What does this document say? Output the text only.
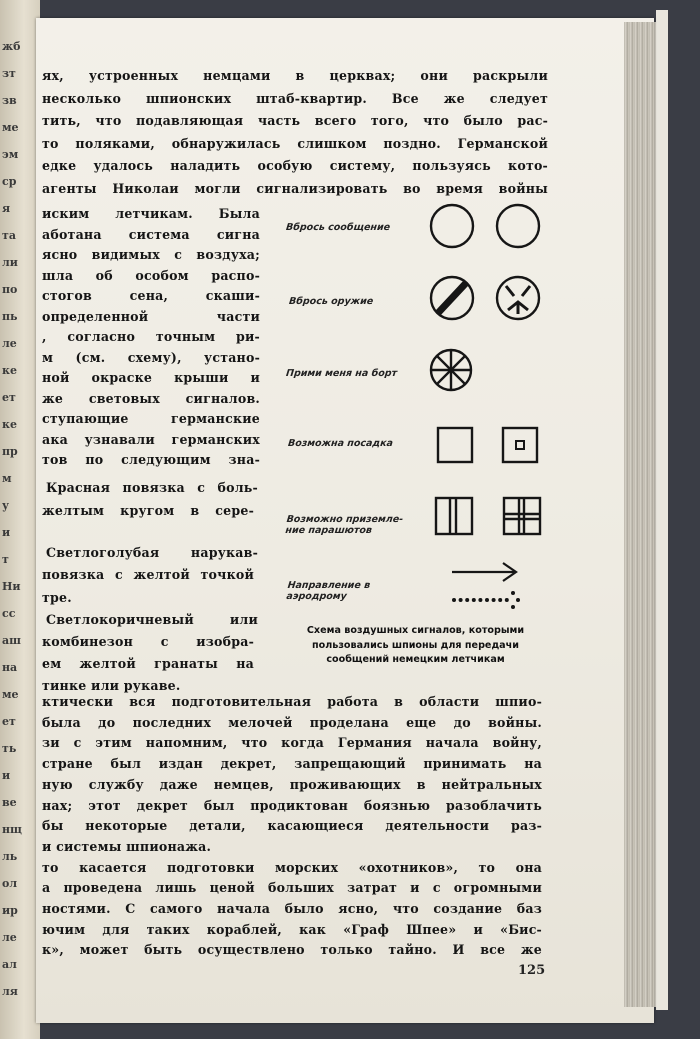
жб
зт
зв
ме
эм
ср
я
та
ли
по
пь
ле
ке
ет
ке
пр
м
у
и
т
Ни
сс
аш
на
ме
ет
ть
и
ве
нщ
ль
ол
ир
ле
ал
ля
ях, устроенных немцами в церквах; они раскрыли
несколько шпионских штаб-квартир. Все же следует
тить, что подавляющая часть всего того, что было рас-
то поляками, обнаружилась слишком поздно. Германской
едке удалось наладить особую систему, пользуясь кото-
агенты Николаи могли сигнализировать во время войны
иским летчикам. Была
аботана система сигна
ясно видимых с воздуха;
шла об особом распо-
стогов сена, скаши-
определенной части
, согласно точным ри-
м (см. схему), устано-
ной окраске крыши и
же световых сигналов.
ступающие германские
ака узнавали германских
тов по следующим зна-
Красная повязка с боль-
желтым кругом в сере-
Светлоголубая нарукав-
повязка с желтой точкой
тре.
Светлокоричневый или
комбинезон с изобра-
ем желтой гранаты на
тинке или рукаве.
ктически вся подготовительная работа в области шпио-
была до последних мелочей проделана еще до войны.
зи с этим напомним, что когда Германия начала войну,
стране был издан декрет, запрещающий принимать на
ную службу даже немцев, проживающих в нейтральных
нах; этот декрет был продиктован боязнью разоблачить
бы некоторые детали, касающиеся деятельности раз-
и системы шпионажа.
то касается подготовки морских «охотников», то она
а проведена лишь ценой больших затрат и с огромными
ностями. С самого начала было ясно, что создание баз
ючим для таких кораблей, как «Граф Шпее» и «Бис-
к», может быть осуществлено только тайно. И все же
Вбрось сообщение
Вбрось оружие
Прими меня на борт
Возможна посадка
Возможно приземле-ние парашютов
Направление в аэродрому
Схема воздушных сигналов, которыми
пользовались шпионы для передачи
сообщений немецким летчикам
125
